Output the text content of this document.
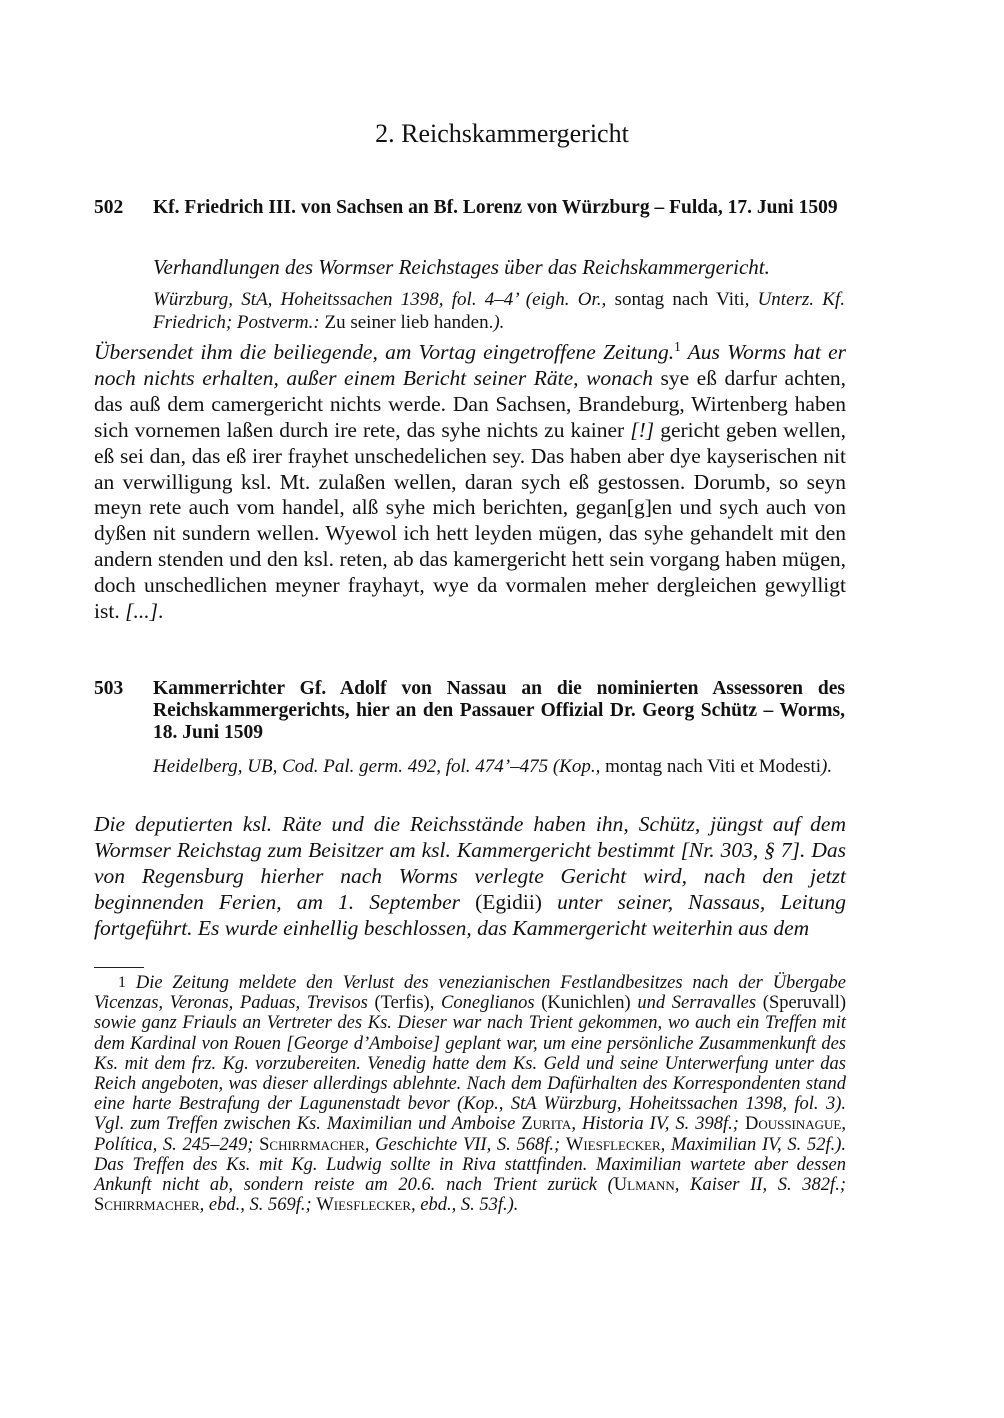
2. Reichskammergericht
502 Kf. Friedrich III. von Sachsen an Bf. Lorenz von Würzburg – Fulda, 17. Juni 1509
Verhandlungen des Wormser Reichstages über das Reichskammergericht.
Würzburg, StA, Hoheitssachen 1398, fol. 4–4’ (eigh. Or., sontag nach Viti, Unterz. Kf. Friedrich; Postverm.: Zu seiner lieb handen.).
Übersendet ihm die beiliegende, am Vortag eingetroffene Zeitung.$^1$ Aus Worms hat er noch nichts erhalten, außer einem Bericht seiner Räte, wonach sye eß darfur achten, das auß dem camergericht nichts werde. Dan Sachsen, Brandeburg, Wirtenberg haben sich vornemen laßen durch ire rete, das syhe nichts zu kainer [!] gericht geben wellen, eß sei dan, das eß irer frayhet unschedelichen sey. Das haben aber dye kayserischen nit an verwilligung ksl. Mt. zulaßen wellen, daran sych eß gestossen. Dorumb, so seyn meyn rete auch vom handel, alß syhe mich berichten, gegan[g]en und sych auch von dyßen nit sundern wellen. Wyewol ich hett leyden mügen, das syhe gehandelt mit den andern stenden und den ksl. reten, ab das kamergericht hett sein vorgang haben mügen, doch unschedlichen meyner frayhayt, wye da vormalen meher dergleichen gewylligt ist. [...].
503 Kammerrichter Gf. Adolf von Nassau an die nominierten Assessoren des Reichskammergerichts, hier an den Passauer Offizial Dr. Georg Schütz – Worms, 18. Juni 1509
Heidelberg, UB, Cod. Pal. germ. 492, fol. 474’–475 (Kop., montag nach Viti et Modesti).
Die deputierten ksl. Räte und die Reichsstände haben ihn, Schütz, jüngst auf dem Wormser Reichstag zum Beisitzer am ksl. Kammergericht bestimmt [Nr. 303, § 7]. Das von Regensburg hierher nach Worms verlegte Gericht wird, nach den jetzt beginnenden Ferien, am 1. September (Egidii) unter seiner, Nassaus, Leitung fortgeführt. Es wurde einhellig beschlossen, das Kammergericht weiterhin aus dem
1 Die Zeitung meldete den Verlust des venezianischen Festlandbesitzes nach der Übergabe Vicenzas, Veronas, Paduas, Trevisos (Terfis), Coneglianos (Kunichlen) und Serravalles (Speruvall) sowie ganz Friauls an Vertreter des Ks. Dieser war nach Trient gekommen, wo auch ein Treffen mit dem Kardinal von Rouen [George d’Amboise] geplant war, um eine persönliche Zusammenkunft des Ks. mit dem frz. Kg. vorzubereiten. Venedig hatte dem Ks. Geld und seine Unterwerfung unter das Reich angeboten, was dieser allerdings ablehnte. Nach dem Dafürhalten des Korrespondenten stand eine harte Bestrafung der Lagunenstadt bevor (Kop., StA Würzburg, Hoheitssachen 1398, fol. 3). Vgl. zum Treffen zwischen Ks. Maximilian und Amboise Zurita, Historia IV, S. 398f.; Doussinague, Política, S. 245–249; Schirrmacher, Geschichte VII, S. 568f.; Wiesflecker, Maximilian IV, S. 52f.). Das Treffen des Ks. mit Kg. Ludwig sollte in Riva stattfinden. Maximilian wartete aber dessen Ankunft nicht ab, sondern reiste am 20.6. nach Trient zurück (Ulmann, Kaiser II, S. 382f.; Schirrmacher, ebd., S. 569f.; Wiesflecker, ebd., S. 53f.).
